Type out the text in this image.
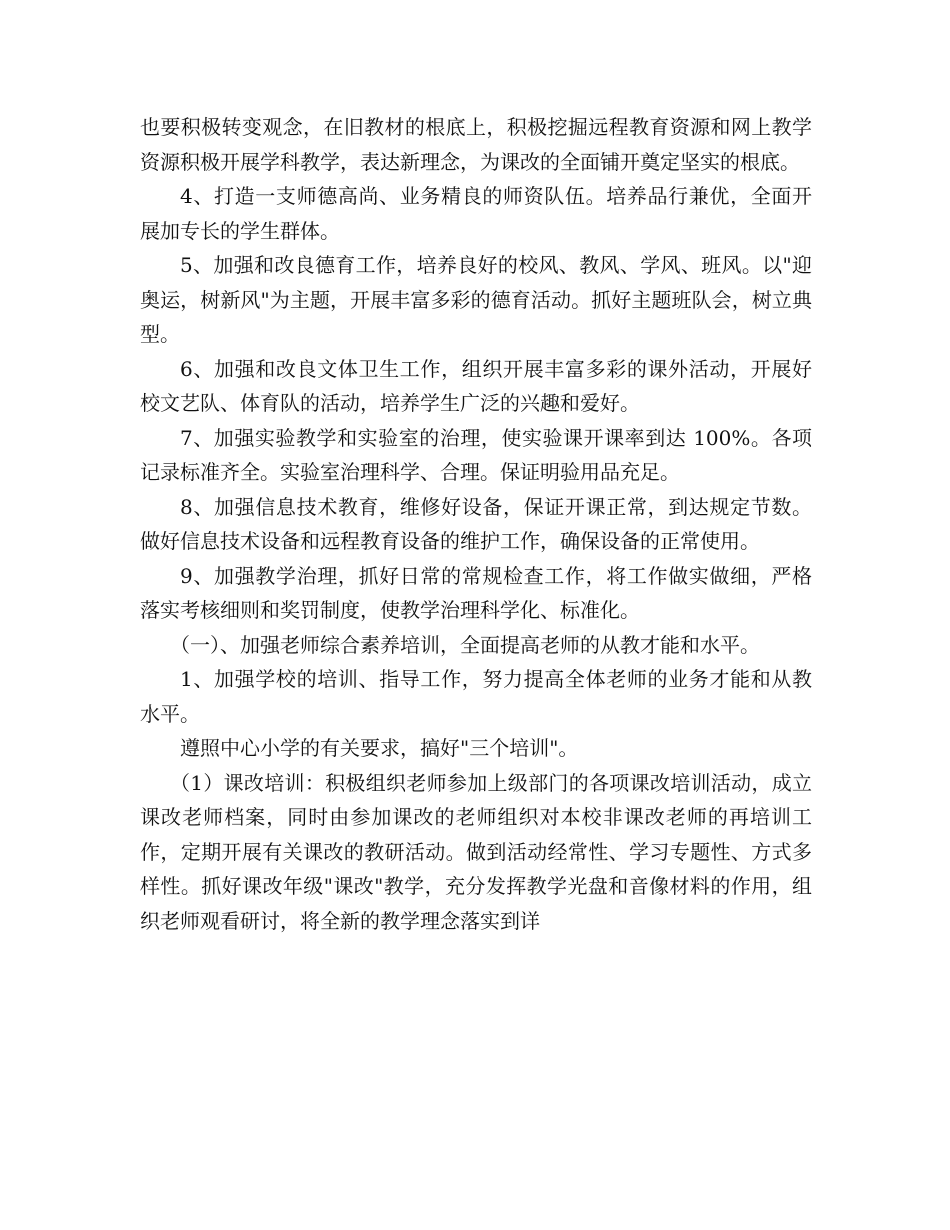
也要积极转变观念，在旧教材的根底上，积极挖掘远程教育资源和网上教学资源积极开展学科教学，表达新理念，为课改的全面铺开奠定坚实的根底。

4、打造一支师德高尚、业务精良的师资队伍。培养品行兼优，全面开展加专长的学生群体。

5、加强和改良德育工作，培养良好的校风、教风、学风、班风。以"迎奥运，树新风"为主题，开展丰富多彩的德育活动。抓好主题班队会，树立典型。

6、加强和改良文体卫生工作，组织开展丰富多彩的课外活动，开展好校文艺队、体育队的活动，培养学生广泛的兴趣和爱好。

7、加强实验教学和实验室的治理，使实验课开课率到达 100%。各项记录标准齐全。实验室治理科学、合理。保证明验用品充足。

8、加强信息技术教育，维修好设备，保证开课正常，到达规定节数。做好信息技术设备和远程教育设备的维护工作，确保设备的正常使用。

9、加强教学治理，抓好日常的常规检查工作，将工作做实做细，严格落实考核细则和奖罚制度，使教学治理科学化、标准化。

（一）、加强老师综合素养培训，全面提高老师的从教才能和水平。

1、加强学校的培训、指导工作，努力提高全体老师的业务才能和从教水平。

遵照中心小学的有关要求，搞好"三个培训"。

（1）课改培训：积极组织老师参加上级部门的各项课改培训活动，成立课改老师档案，同时由参加课改的老师组织对本校非课改老师的再培训工作，定期开展有关课改的教研活动。做到活动经常性、学习专题性、方式多样性。抓好课改年级"课改"教学，充分发挥教学光盘和音像材料的作用，组织老师观看研讨，将全新的教学理念落实到详
